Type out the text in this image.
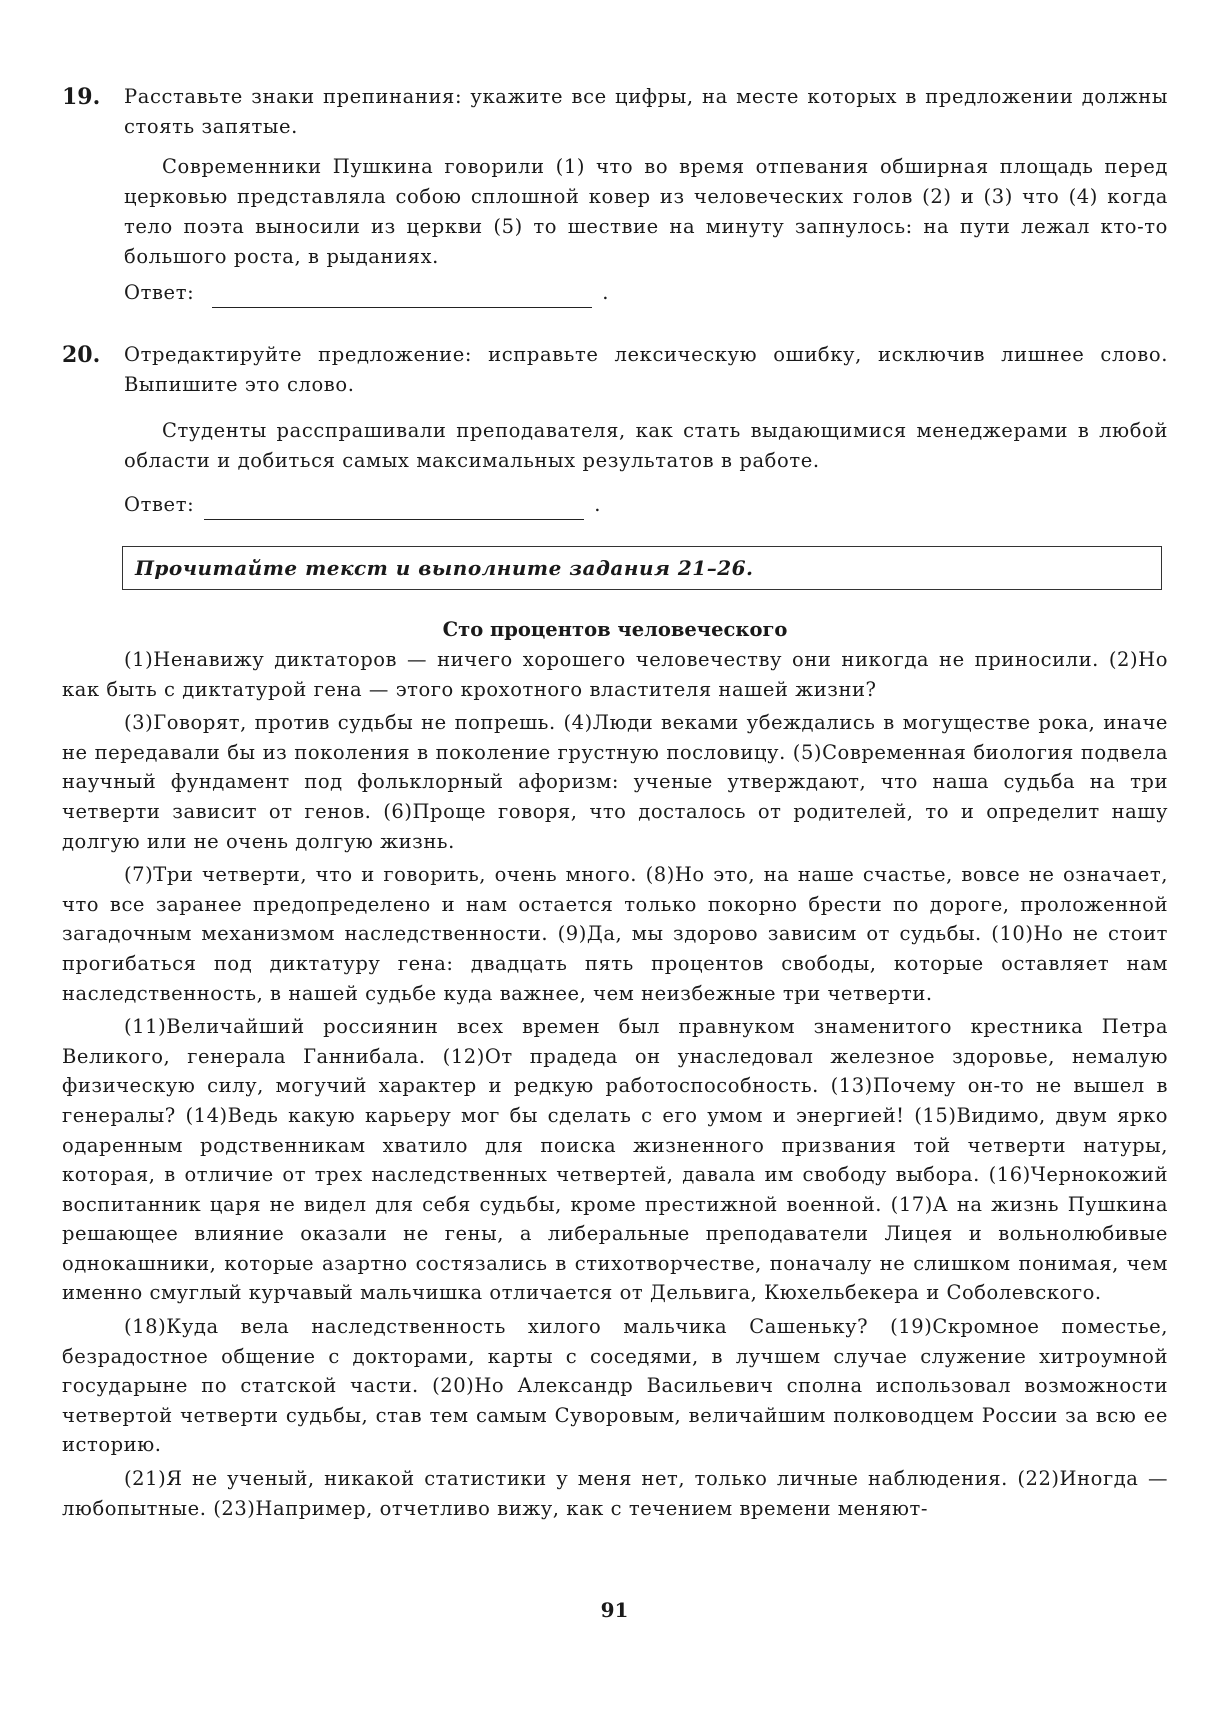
19. Расставьте знаки препинания: укажите все цифры, на месте которых в предложении должны стоять запятые.
Современники Пушкина говорили (1) что во время отпевания обширная площадь перед церковью представляла собою сплошной ковер из человеческих голов (2) и (3) что (4) когда тело поэта выносили из церкви (5) то шествие на минуту запнулось: на пути лежал кто-то большого роста, в рыданиях.
Ответ:	.
20. Отредактируйте предложение: исправьте лексическую ошибку, исключив лишнее слово. Выпишите это слово.
Студенты расспрашивали преподавателя, как стать выдающимися менеджерами в любой области и добиться самых максимальных результатов в работе.
Ответ:	.
Прочитайте текст и выполните задания 21–26.
Сто процентов человеческого

(1)Ненавижу диктаторов — ничего хорошего человечеству они никогда не приносили. (2)Но как быть с диктатурой гена — этого крохотного властителя нашей жизни?

(3)Говорят, против судьбы не попрешь. (4)Люди веками убеждались в могуществе рока, иначе не передавали бы из поколения в поколение грустную пословицу. (5)Современная биология подвела научный фундамент под фольклорный афоризм: ученые утверждают, что наша судьба на три четверти зависит от генов. (6)Проще говоря, что досталось от родителей, то и определит нашу долгую или не очень долгую жизнь.

(7)Три четверти, что и говорить, очень много. (8)Но это, на наше счастье, вовсе не означает, что все заранее предопределено и нам остается только покорно брести по дороге, проложенной загадочным механизмом наследственности. (9)Да, мы здорово зависим от судьбы. (10)Но не стоит прогибаться под диктатуру гена: двадцать пять процентов свободы, которые оставляет нам наследственность, в нашей судьбе куда важнее, чем неизбежные три четверти.

(11)Величайший россиянин всех времен был правнуком знаменитого крестника Петра Великого, генерала Ганнибала. (12)От прадеда он унаследовал железное здоровье, немалую физическую силу, могучий характер и редкую работоспособность. (13)Почему он-то не вышел в генералы? (14)Ведь какую карьеру мог бы сделать с его умом и энергией! (15)Видимо, двум ярко одаренным родственникам хватило для поиска жизненного призвания той четверти натуры, которая, в отличие от трех наследственных четвертей, давала им свободу выбора. (16)Чернокожий воспитанник царя не видел для себя судьбы, кроме престижной военной. (17)А на жизнь Пушкина решающее влияние оказали не гены, а либеральные преподаватели Лицея и вольнолюбивые однокашники, которые азартно состязались в стихотворчестве, поначалу не слишком понимая, чем именно смуглый курчавый мальчишка отличается от Дельвига, Кюхельбекера и Соболевского.

(18)Куда вела наследственность хилого мальчика Сашеньку? (19)Скромное поместье, безрадостное общение с докторами, карты с соседями, в лучшем случае служение хитроумной государыне по статской части. (20)Но Александр Васильевич сполна использовал возможности четвертой четверти судьбы, став тем самым Суворовым, величайшим полководцем России за всю ее историю.

(21)Я не ученый, никакой статистики у меня нет, только личные наблюдения. (22)Иногда — любопытные. (23)Например, отчетливо вижу, как с течением времени меняют-

91
